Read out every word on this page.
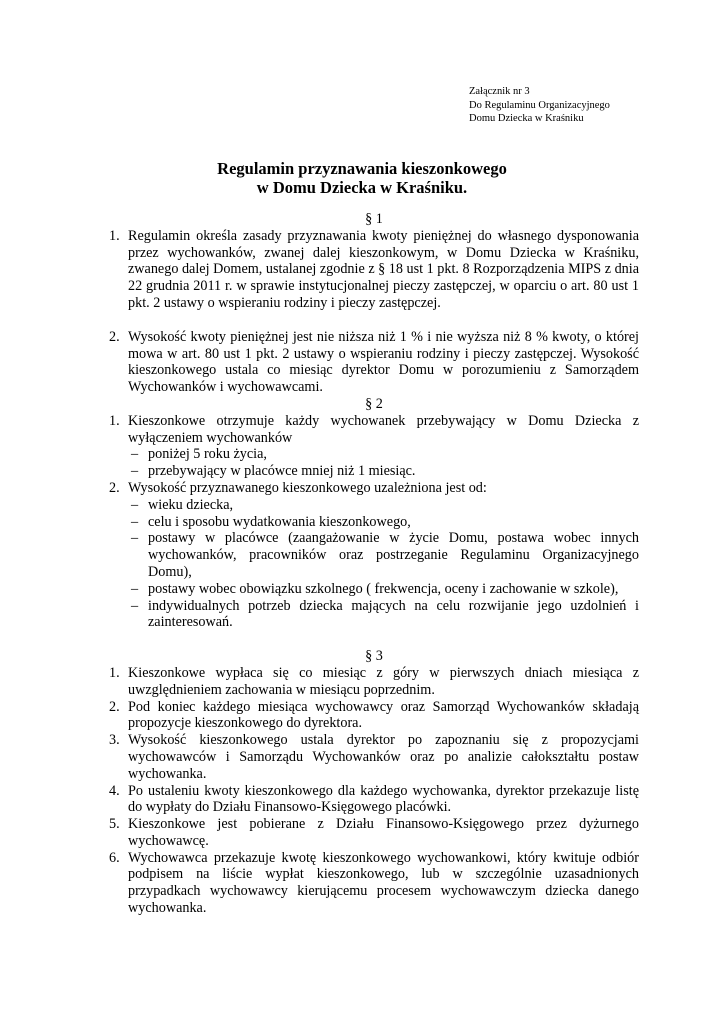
Załącznik nr 3
Do Regulaminu Organizacyjnego
Domu Dziecka w Kraśniku
Regulamin przyznawania kieszonkowego
w Domu Dziecka w Kraśniku.
§ 1
1. Regulamin określa zasady przyznawania kwoty pieniężnej do własnego dysponowania przez wychowanków, zwanej dalej kieszonkowym, w Domu Dziecka w Kraśniku, zwanego dalej Domem, ustalanej zgodnie z § 18 ust 1 pkt. 8 Rozporządzenia MIPS z dnia 22 grudnia 2011 r. w sprawie instytucjonalnej pieczy zastępczej, w oparciu o art. 80 ust 1 pkt. 2 ustawy o wspieraniu rodziny i pieczy zastępczej.
2. Wysokość kwoty pieniężnej jest nie niższa niż 1 % i nie wyższa niż 8 % kwoty, o której mowa w art. 80 ust 1 pkt. 2 ustawy o wspieraniu rodziny i pieczy zastępczej. Wysokość kieszonkowego ustala co miesiąc dyrektor Domu w porozumieniu z Samorządem Wychowanków i wychowawcami.
§ 2
1. Kieszonkowe otrzymuje każdy wychowanek przebywający w Domu Dziecka z wyłączeniem wychowanków
– poniżej 5 roku życia,
– przebywający w placówce mniej niż 1 miesiąc.
2. Wysokość przyznawanego kieszonkowego uzależniona jest od:
– wieku dziecka,
– celu i sposobu wydatkowania kieszonkowego,
– postawy w placówce (zaangażowanie w życie Domu, postawa wobec innych wychowanków, pracowników oraz postrzeganie Regulaminu Organizacyjnego Domu),
– postawy wobec obowiązku szkolnego ( frekwencja, oceny i zachowanie w szkole),
– indywidualnych potrzeb dziecka mających na celu rozwijanie jego uzdolnień i zainteresowań.
§ 3
1. Kieszonkowe wypłaca się co miesiąc z góry w pierwszych dniach miesiąca z uwzględnieniem zachowania w miesiącu poprzednim.
2. Pod koniec każdego miesiąca wychowawcy oraz Samorząd Wychowanków składają propozycje kieszonkowego do dyrektora.
3. Wysokość kieszonkowego ustala dyrektor po zapoznaniu się z propozycjami wychowawców i Samorządu Wychowanków oraz po analizie całokształtu postaw wychowanka.
4. Po ustaleniu kwoty kieszonkowego dla każdego wychowanka, dyrektor przekazuje listę do wypłaty do Działu Finansowo-Księgowego placówki.
5. Kieszonkowe jest pobierane z Działu Finansowo-Księgowego przez dyżurnego wychowawcę.
6. Wychowawca przekazuje kwotę kieszonkowego wychowankowi, który kwituje odbiór podpisem na liście wypłat kieszonkowego, lub w szczególnie uzasadnionych przypadkach wychowawcy kierującemu procesem wychowawczym dziecka danego wychowanka.
